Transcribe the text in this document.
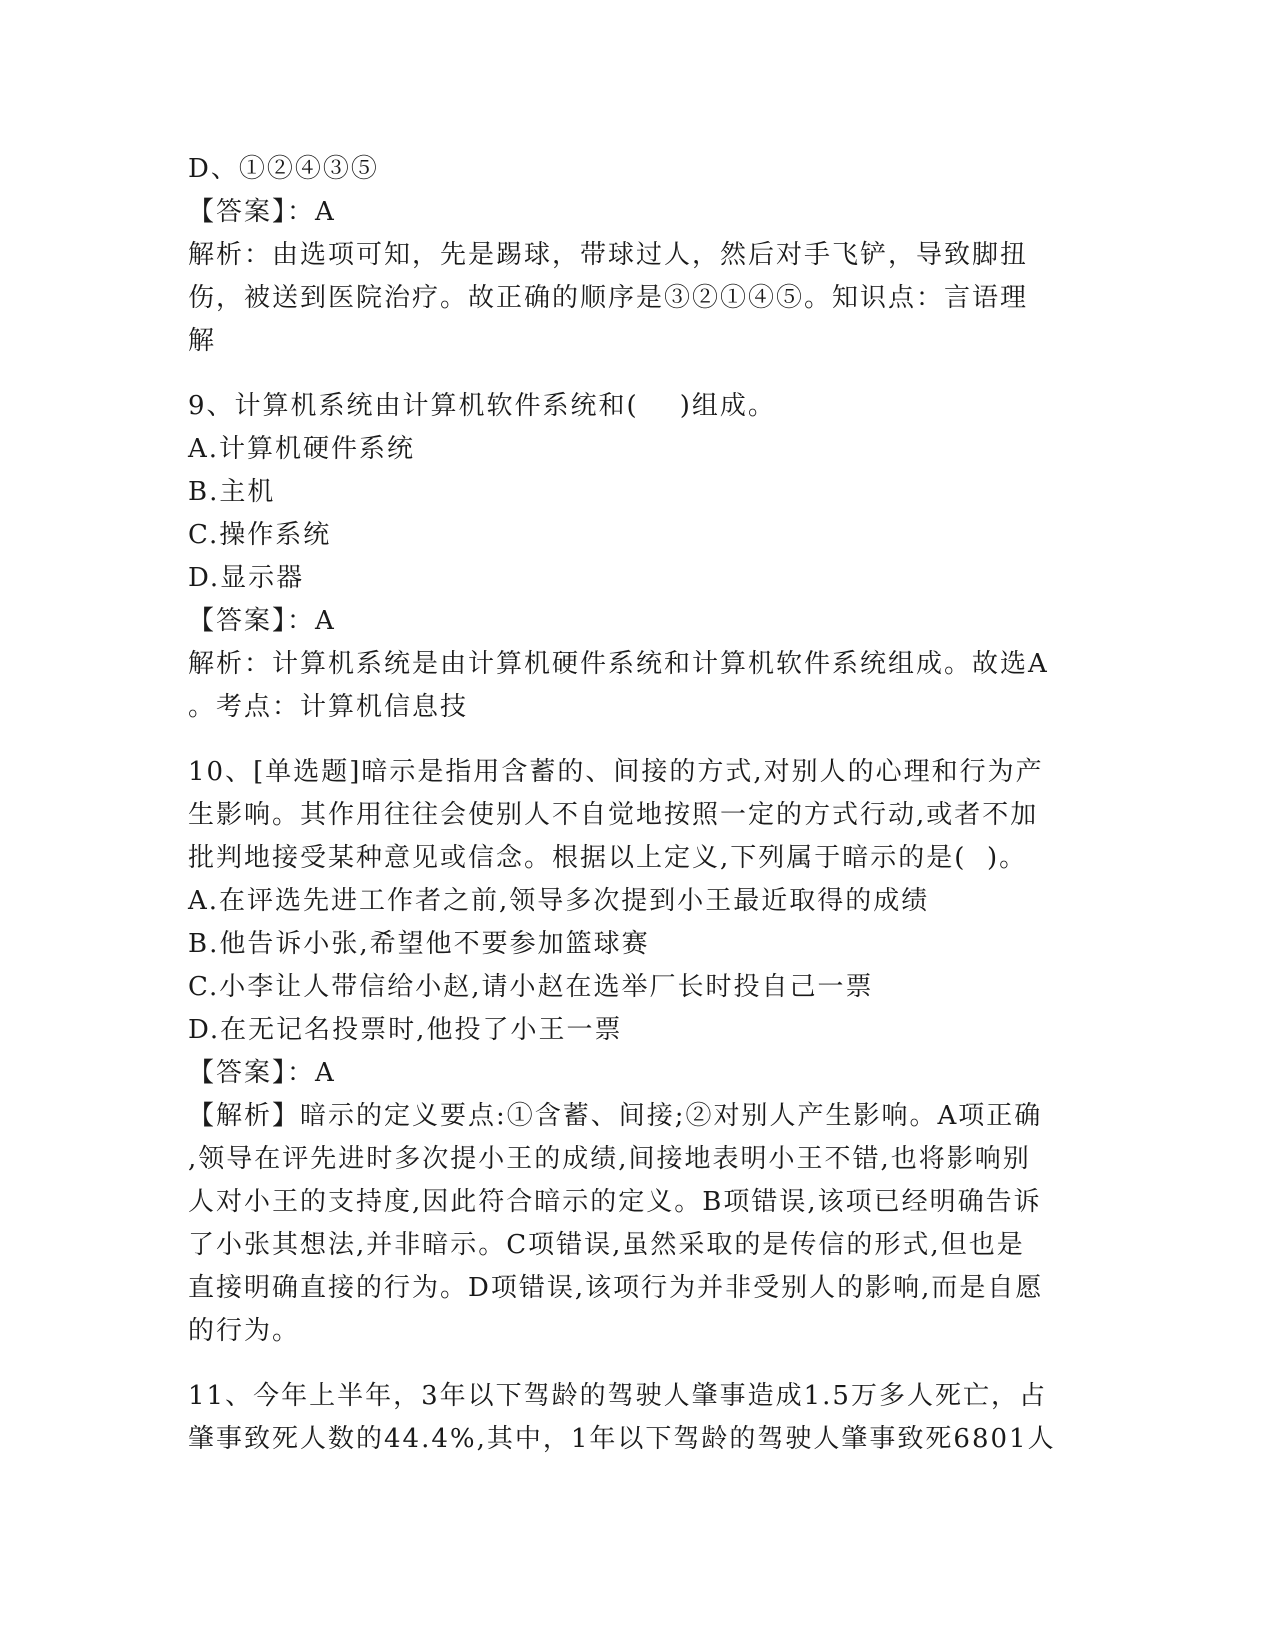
D、①②④③⑤
【答案】：A
解析：由选项可知，先是踢球，带球过人，然后对手飞铲，导致脚扭
伤，被送到医院治疗。故正确的顺序是③②①④⑤。知识点：言语理
解
9、计算机系统由计算机软件系统和(    )组成。
A.计算机硬件系统
B.主机
C.操作系统
D.显示器
【答案】：A
解析：计算机系统是由计算机硬件系统和计算机软件系统组成。故选A
。考点：计算机信息技
10、[单选题]暗示是指用含蓄的、间接的方式,对别人的心理和行为产
生影响。其作用往往会使别人不自觉地按照一定的方式行动,或者不加
批判地接受某种意见或信念。根据以上定义,下列属于暗示的是(  )。
A.在评选先进工作者之前,领导多次提到小王最近取得的成绩
B.他告诉小张,希望他不要参加篮球赛
C.小李让人带信给小赵,请小赵在选举厂长时投自己一票
D.在无记名投票时,他投了小王一票
【答案】：A
【解析】暗示的定义要点:①含蓄、间接;②对别人产生影响。A项正确
,领导在评先进时多次提小王的成绩,间接地表明小王不错,也将影响别
人对小王的支持度,因此符合暗示的定义。B项错误,该项已经明确告诉
了小张其想法,并非暗示。C项错误,虽然采取的是传信的形式,但也是
直接明确直接的行为。D项错误,该项行为并非受别人的影响,而是自愿
的行为。
11、今年上半年，3年以下驾龄的驾驶人肇事造成1.5万多人死亡，占
肇事致死人数的44.4%,其中，1年以下驾龄的驾驶人肇事致死6801人
